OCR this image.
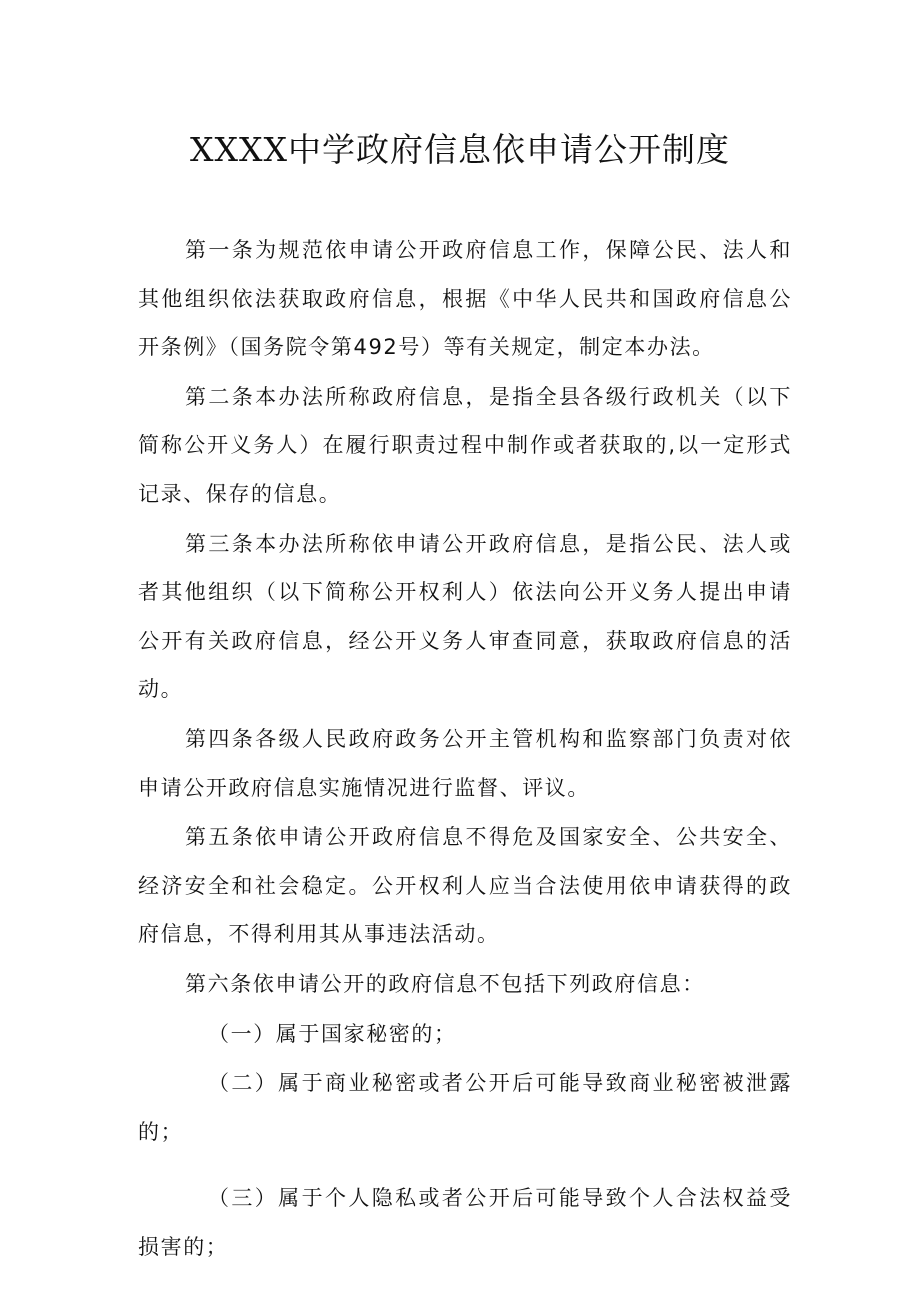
XXXX中学政府信息依申请公开制度

第一条为规范依申请公开政府信息工作，保障公民、法人和其他组织依法获取政府信息，根据《中华人民共和国政府信息公开条例》（国务院令第492号）等有关规定，制定本办法。

第二条本办法所称政府信息，是指全县各级行政机关（以下简称公开义务人）在履行职责过程中制作或者获取的,以一定形式记录、保存的信息。

第三条本办法所称依申请公开政府信息，是指公民、法人或者其他组织（以下简称公开权利人）依法向公开义务人提出申请公开有关政府信息，经公开义务人审查同意，获取政府信息的活动。

第四条各级人民政府政务公开主管机构和监察部门负责对依申请公开政府信息实施情况进行监督、评议。

第五条依申请公开政府信息不得危及国家安全、公共安全、经济安全和社会稳定。公开权利人应当合法使用依申请获得的政府信息，不得利用其从事违法活动。

第六条依申请公开的政府信息不包括下列政府信息：

（一）属于国家秘密的；

（二）属于商业秘密或者公开后可能导致商业秘密被泄露的；

（三）属于个人隐私或者公开后可能导致个人合法权益受损害的；
